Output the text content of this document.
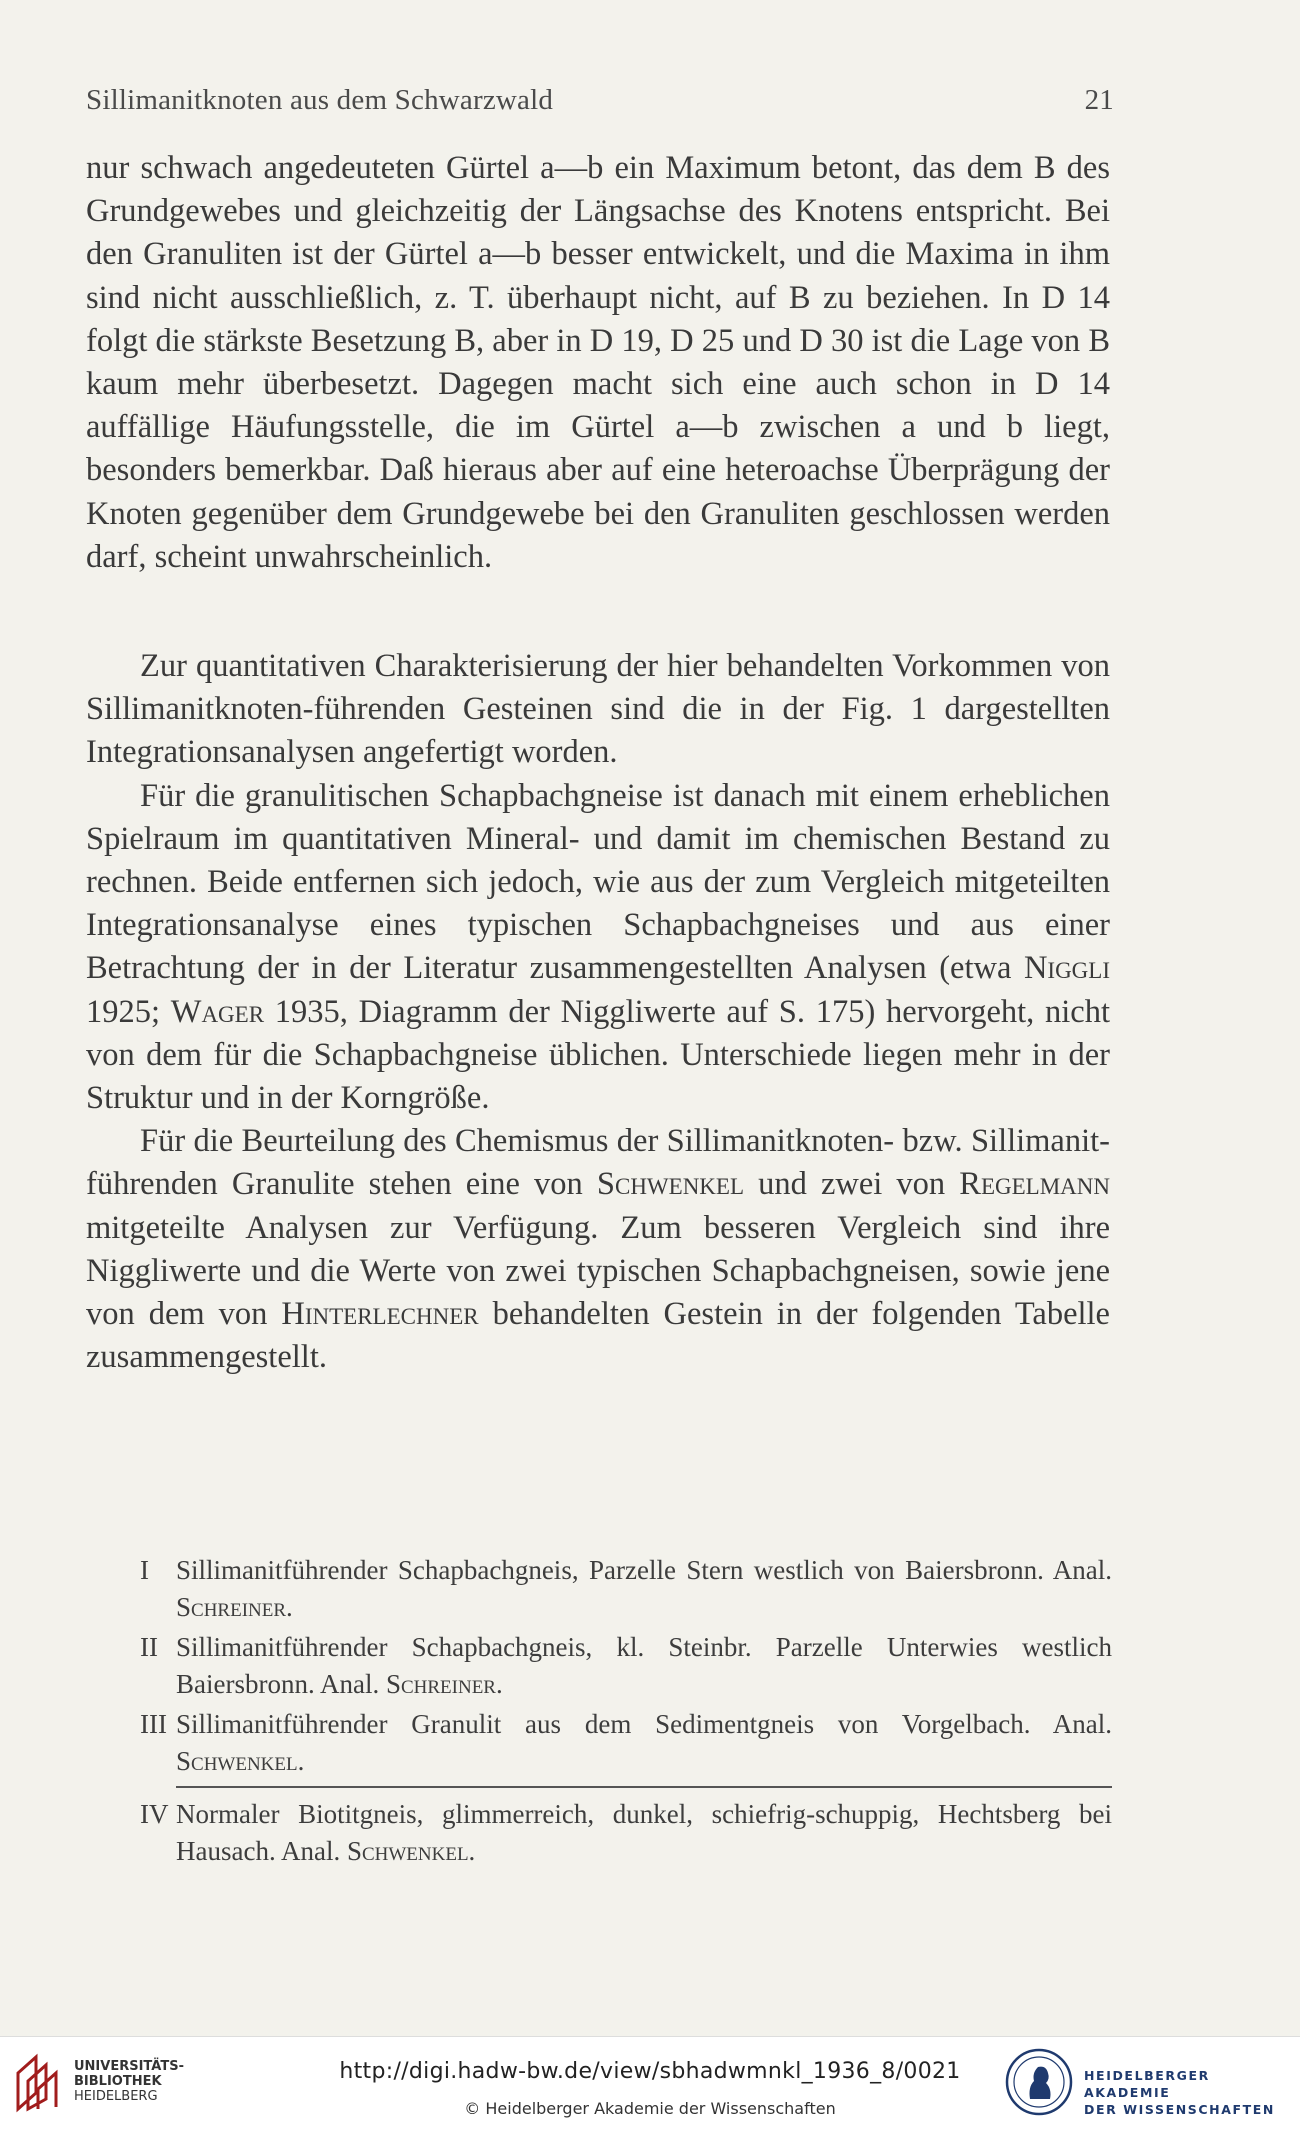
Sillimanitknoten aus dem Schwarzwald	21

nur schwach angedeuteten Gürtel a—b ein Maximum betont, das dem B des Grundgewebes und gleichzeitig der Längsachse des Knotens entspricht. Bei den Granuliten ist der Gürtel a—b besser entwickelt, und die Maxima in ihm sind nicht ausschließlich, z. T. überhaupt nicht, auf B zu beziehen. In D 14 folgt die stärkste Besetzung B, aber in D 19, D 25 und D 30 ist die Lage von B kaum mehr überbesetzt. Dagegen macht sich eine auch schon in D 14 auffällige Häufungsstelle, die im Gürtel a—b zwischen a und b liegt, besonders bemerkbar. Daß hieraus aber auf eine heteroachse Überprägung der Knoten gegenüber dem Grundgewebe bei den Granuliten geschlossen werden darf, scheint unwahrscheinlich.

Zur quantitativen Charakterisierung der hier behandelten Vorkommen von Sillimanitknoten-führenden Gesteinen sind die in der Fig. 1 dargestellten Integrationsanalysen angefertigt worden.

Für die granulitischen Schapbachgneise ist danach mit einem erheblichen Spielraum im quantitativen Mineral- und damit im chemischen Bestand zu rechnen. Beide entfernen sich jedoch, wie aus der zum Vergleich mitgeteilten Integrationsanalyse eines typischen Schapbachgneises und aus einer Betrachtung der in der Literatur zusammengestellten Analysen (etwa Niggli 1925; Wager 1935, Diagramm der Niggliwerte auf S. 175) hervorgeht, nicht von dem für die Schapbachgneise üblichen. Unterschiede liegen mehr in der Struktur und in der Korngröße.

Für die Beurteilung des Chemismus der Sillimanitknoten- bzw. Sillimanit-führenden Granulite stehen eine von Schwenkel und zwei von Regelmann mitgeteilte Analysen zur Verfügung. Zum besseren Vergleich sind ihre Niggliwerte und die Werte von zwei typischen Schapbachgneisen, sowie jene von dem von Hinterlechner behandelten Gestein in der folgenden Tabelle zusammengestellt.

I	Sillimanitführender Schapbachgneis, Parzelle Stern westlich von Baiersbronn. Anal. Schreiner.
II Sillimanitführender Schapbachgneis, kl. Steinbr. Parzelle Unterwies westlich Baiersbronn. Anal. Schreiner.
III Sillimanitführender Granulit aus dem Sedimentgneis von Vorgelbach. Anal. Schwenkel.
IV Normaler Biotitgneis, glimmerreich, dunkel, schiefrig-schuppig, Hechtsberg bei Hausach. Anal. Schwenkel.
UNIVERSITÄTS-
BIBLIOTHEK
HEIDELBERG
http://digi.hadw-bw.de/view/sbhadwmnkl_1936_8/0021
© Heidelberger Akademie der Wissenschaften
HEIDELBERGER AKADEMIE
DER WISSENSCHAFTEN
